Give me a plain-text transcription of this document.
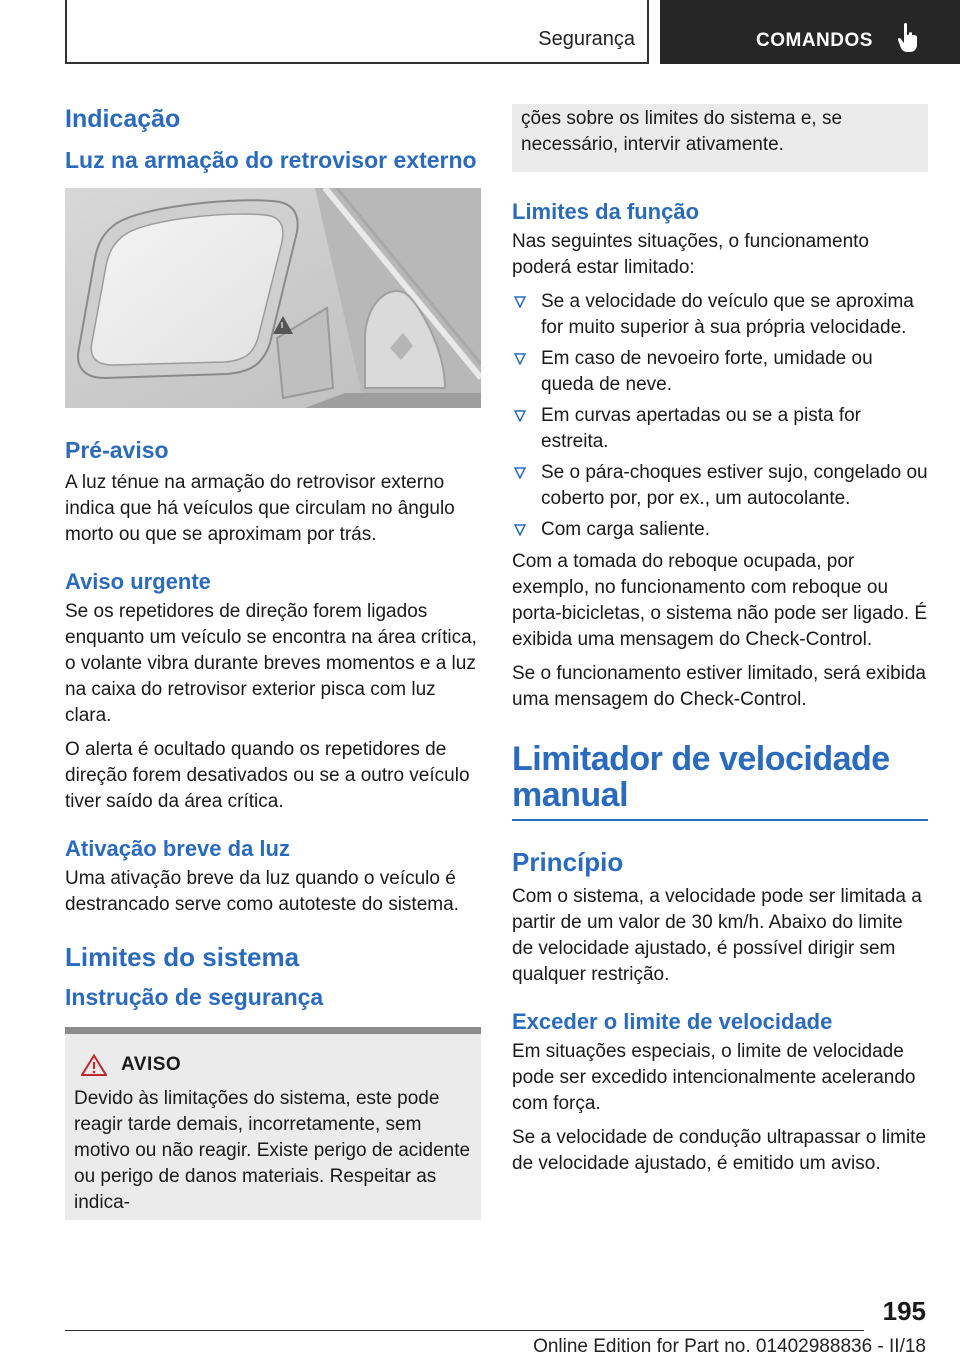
Segurança	COMANDOS
Indicação
Luz na armação do retrovisor externo
Pré-aviso

A luz ténue na armação do retrovisor externo indica que há veículos que circulam no ângulo morto ou que se aproximam por trás.

Aviso urgente

Se os repetidores de direção forem ligados enquanto um veículo se encontra na área crítica, o volante vibra durante breves momentos e a luz na caixa do retrovisor exterior pisca com luz clara.

O alerta é ocultado quando os repetidores de direção forem desativados ou se a outro veículo tiver saído da área crítica.

Ativação breve da luz

Uma ativação breve da luz quando o veículo é destrancado serve como autoteste do sistema.

Limites do sistema
Instrução de segurança
AVISO

Devido às limitações do sistema, este pode reagir tarde demais, incorretamente, sem motivo ou não reagir. Existe perigo de acidente ou perigo de danos materiais. Respeitar as indica-

ções sobre os limites do sistema e, se necessário, intervir ativamente.

Limites da função

Nas seguintes situações, o funcionamento poderá estar limitado:

Se a velocidade do veículo que se aproxima for muito superior à sua própria velocidade.
Em caso de nevoeiro forte, umidade ou queda de neve.
Em curvas apertadas ou se a pista for estreita.
Se o pára-choques estiver sujo, congelado ou coberto por, por ex., um autocolante.
Com carga saliente.

Com a tomada do reboque ocupada, por exemplo, no funcionamento com reboque ou porta-bicicletas, o sistema não pode ser ligado. É exibida uma mensagem do Check-Control.

Se o funcionamento estiver limitado, será exibida uma mensagem do Check-Control.

Limitador de velocidade manual
Princípio

Com o sistema, a velocidade pode ser limitada a partir de um valor de 30 km/h. Abaixo do limite de velocidade ajustado, é possível dirigir sem qualquer restrição.

Exceder o limite de velocidade

Em situações especiais, o limite de velocidade pode ser excedido intencionalmente acelerando com força.

Se a velocidade de condução ultrapassar o limite de velocidade ajustado, é emitido um aviso.

195
Online Edition for Part no. 01402988836 - II/18
